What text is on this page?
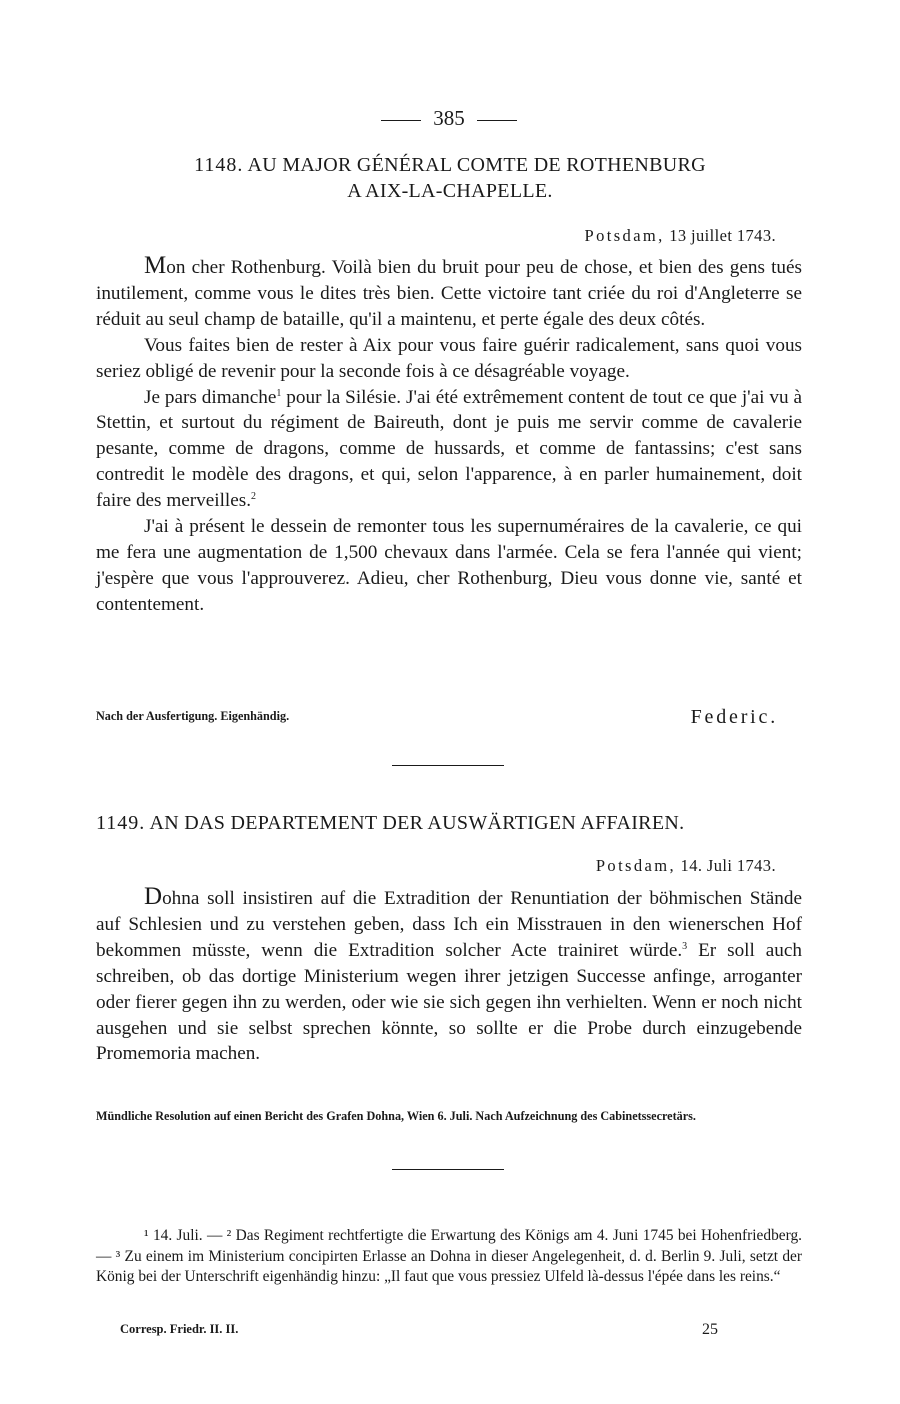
385
1148. AU MAJOR GÉNÉRAL COMTE DE ROTHENBURG
A AIX-LA-CHAPELLE.
Potsdam, 13 juillet 1743.

Mon cher Rothenburg. Voilà bien du bruit pour peu de chose, et bien des gens tués inutilement, comme vous le dites très bien. Cette victoire tant criée du roi d'Angleterre se réduit au seul champ de bataille, qu'il a maintenu, et perte égale des deux côtés.

Vous faites bien de rester à Aix pour vous faire guérir radicalement, sans quoi vous seriez obligé de revenir pour la seconde fois à ce désagréable voyage.

Je pars dimanche$^1$ pour la Silésie. J'ai été extrêmement content de tout ce que j'ai vu à Stettin, et surtout du régiment de Baireuth, dont je puis me servir comme de cavalerie pesante, comme de dragons, comme de hussards, et comme de fantassins; c'est sans contredit le modèle des dragons, et qui, selon l'apparence, à en parler humainement, doit faire des merveilles.$^2$

J'ai à présent le dessein de remonter tous les supernuméraires de la cavalerie, ce qui me fera une augmentation de 1,500 chevaux dans l'armée. Cela se fera l'année qui vient; j'espère que vous l'approuverez. Adieu, cher Rothenburg, Dieu vous donne vie, santé et contentement.

Nach der Ausfertigung. Eigenhändig.	Federic.
1149. AN DAS DEPARTEMENT DER AUSWÄRTIGEN AFFAIREN.
Potsdam, 14. Juli 1743.

Dohna soll insistiren auf die Extradition der Renuntiation der böhmischen Stände auf Schlesien und zu verstehen geben, dass Ich ein Misstrauen in den wienerschen Hof bekommen müsste, wenn die Extradition solcher Acte trainiret würde.$^3$ Er soll auch schreiben, ob das dortige Ministerium wegen ihrer jetzigen Successe anfinge, arroganter oder fierer gegen ihn zu werden, oder wie sie sich gegen ihn verhielten. Wenn er noch nicht ausgehen und sie selbst sprechen könnte, so sollte er die Probe durch einzugebende Promemoria machen.

Mündliche Resolution auf einen Bericht des Grafen Dohna, Wien 6. Juli. Nach Aufzeichnung des Cabinetssecretärs.

¹ 14. Juli. — ² Das Regiment rechtfertigte die Erwartung des Königs am 4. Juni 1745 bei Hohenfriedberg. — ³ Zu einem im Ministerium concipirten Erlasse an Dohna in dieser Angelegenheit, d. d. Berlin 9. Juli, setzt der König bei der Unterschrift eigenhändig hinzu: „Il faut que vous pressiez Ulfeld là-dessus l'épée dans les reins.“

Corresp. Friedr. II. II.	25
